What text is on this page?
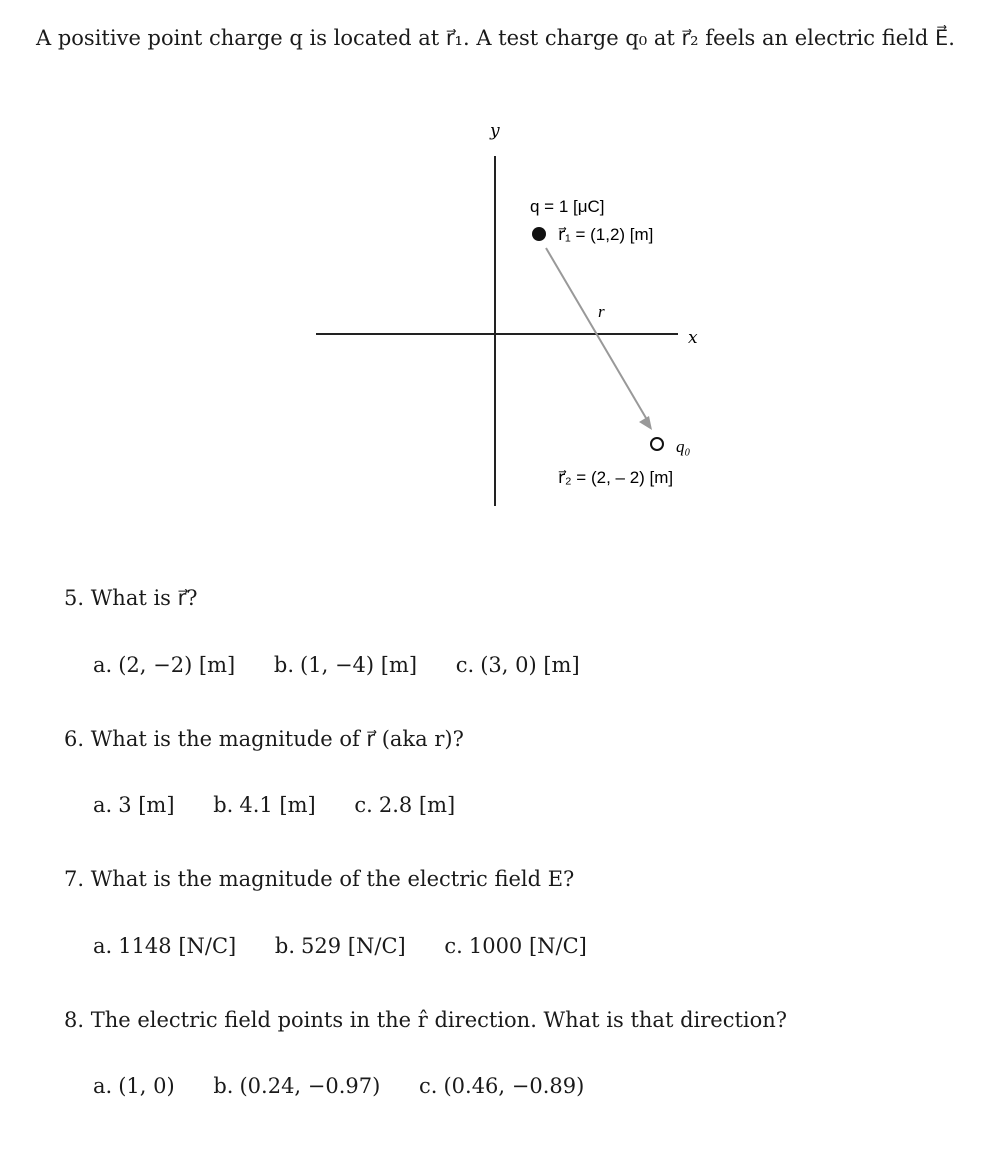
A positive point charge q is located at r⃗₁. A test charge q₀ at r⃗₂ feels an electric field E⃗.
y
x
q = 1 [μC]
r⃗₁ = (1,2) [m]
r⃗
q₀
r⃗₂ = (2, – 2) [m]
5. What is r⃗?
a. (2, −2) [m] b. (1, −4) [m] c. (3, 0) [m]
6. What is the magnitude of r⃗ (aka r)?
a. 3 [m] b. 4.1 [m] c. 2.8 [m]
7. What is the magnitude of the electric field E?
a. 1148 [N/C] b. 529 [N/C] c. 1000 [N/C]
8. The electric field points in the r̂ direction. What is that direction?
a. (1, 0) b. (0.24, −0.97) c. (0.46, −0.89)
